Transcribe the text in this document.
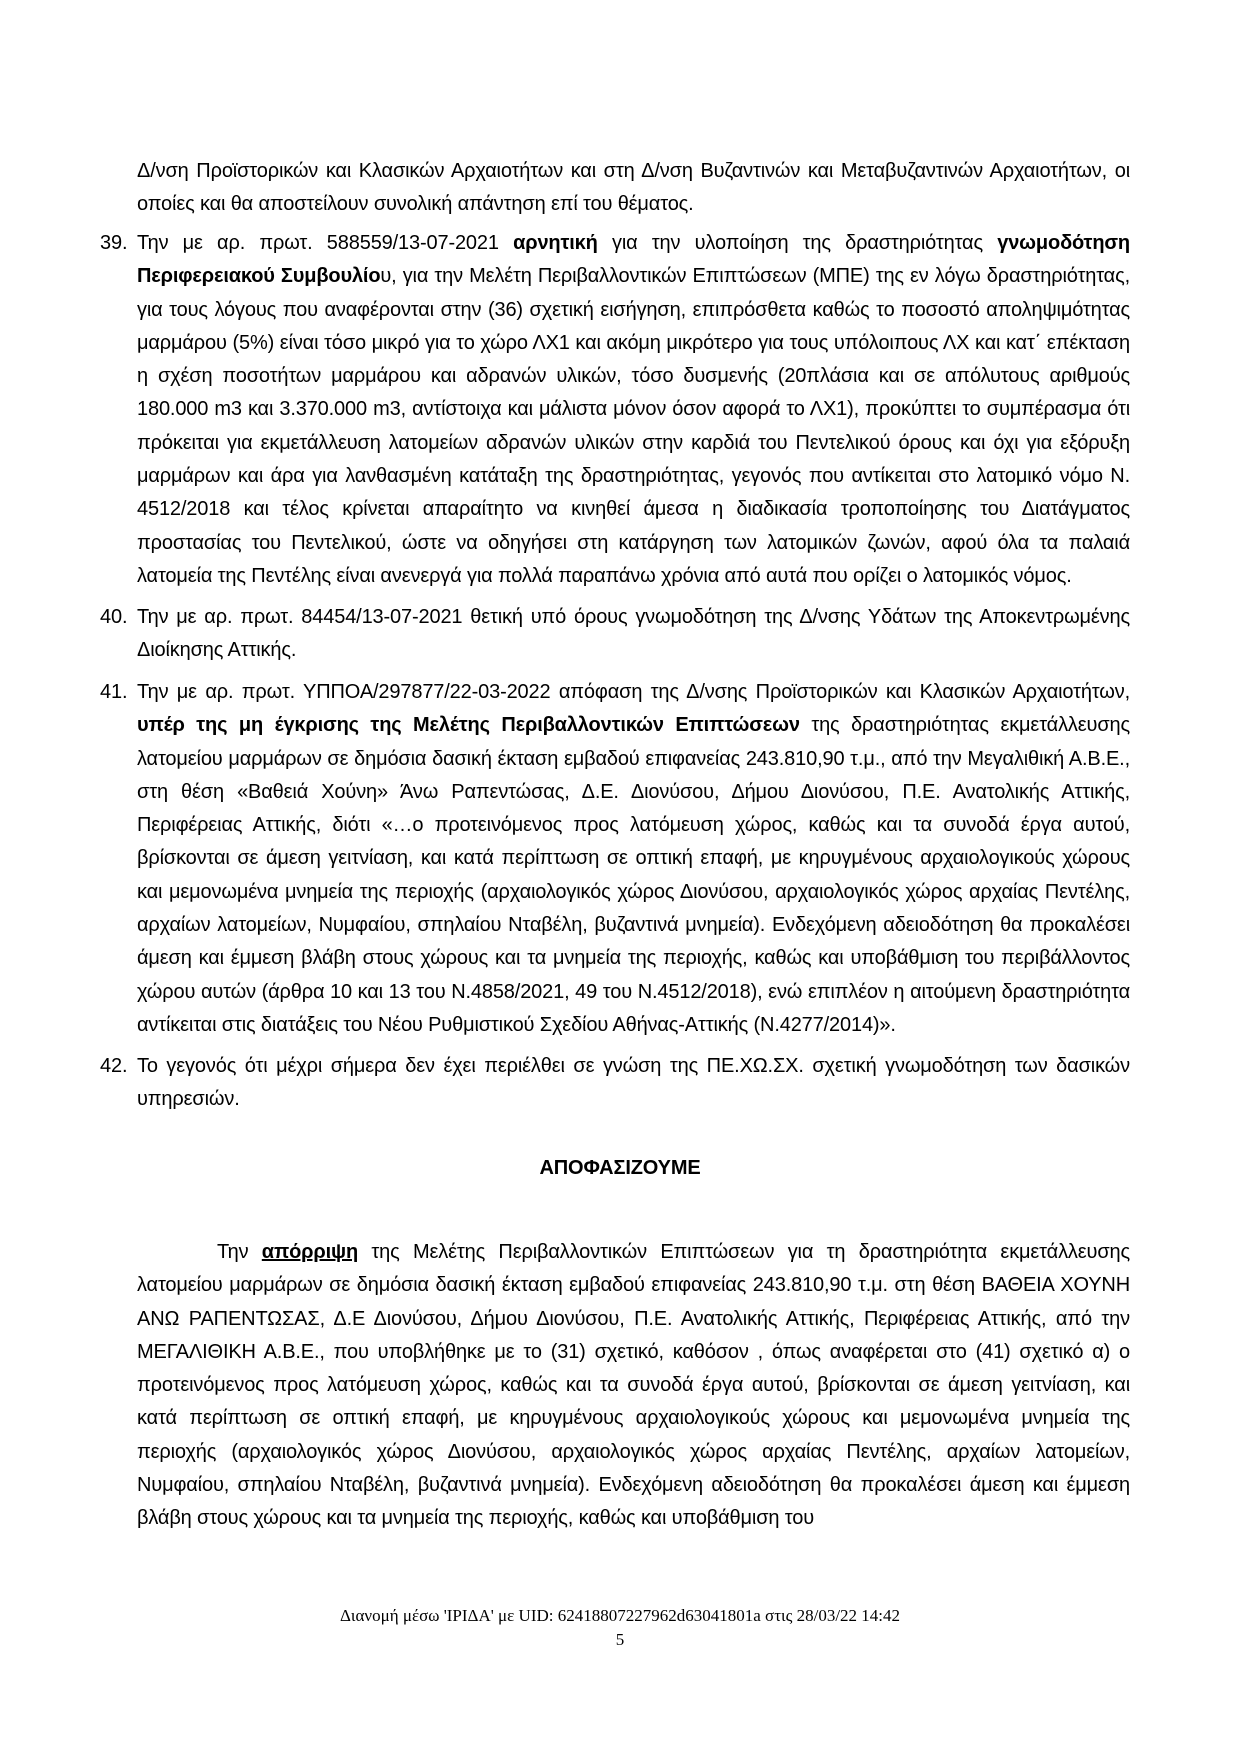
Δ/νση Προϊστορικών και Κλασικών Αρχαιοτήτων και στη Δ/νση Βυζαντινών και Μεταβυζαντινών Αρχαιοτήτων, οι οποίες και θα αποστείλουν συνολική απάντηση επί του θέματος.
39. Την με αρ. πρωτ. 588559/13-07-2021 αρνητική για την υλοποίηση της δραστηριότητας γνωμοδότηση Περιφερειακού Συμβουλίου, για την Μελέτη Περιβαλλοντικών Επιπτώσεων (ΜΠΕ) της εν λόγω δραστηριότητας, για τους λόγους που αναφέρονται στην (36) σχετική εισήγηση, επιπρόσθετα καθώς το ποσοστό αποληψιμότητας μαρμάρου (5%) είναι τόσο μικρό για το χώρο ΛΧ1 και ακόμη μικρότερο για τους υπόλοιπους ΛΧ και κατ΄ επέκταση η σχέση ποσοτήτων μαρμάρου και αδρανών υλικών, τόσο δυσμενής (20πλάσια και σε απόλυτους αριθμούς 180.000 m3 και 3.370.000 m3, αντίστοιχα και μάλιστα μόνον όσον αφορά το ΛΧ1), προκύπτει το συμπέρασμα ότι πρόκειται για εκμετάλλευση λατομείων αδρανών υλικών στην καρδιά του Πεντελικού όρους και όχι για εξόρυξη μαρμάρων και άρα για λανθασμένη κατάταξη της δραστηριότητας, γεγονός που αντίκειται στο λατομικό νόμο Ν. 4512/2018 και τέλος κρίνεται απαραίτητο να κινηθεί άμεσα η διαδικασία τροποποίησης του Διατάγματος προστασίας του Πεντελικού, ώστε να οδηγήσει στη κατάργηση των λατομικών ζωνών, αφού όλα τα παλαιά λατομεία της Πεντέλης είναι ανενεργά για πολλά παραπάνω χρόνια από αυτά που ορίζει ο λατομικός νόμος.
40. Την με αρ. πρωτ. 84454/13-07-2021 θετική υπό όρους γνωμοδότηση της Δ/νσης Υδάτων της Αποκεντρωμένης Διοίκησης Αττικής.
41. Την με αρ. πρωτ. ΥΠΠΟΑ/297877/22-03-2022 απόφαση της Δ/νσης Προϊστορικών και Κλασικών Αρχαιοτήτων, υπέρ της μη έγκρισης της Μελέτης Περιβαλλοντικών Επιπτώσεων της δραστηριότητας εκμετάλλευσης λατομείου μαρμάρων σε δημόσια δασική έκταση εμβαδού επιφανείας 243.810,90 τ.μ., από την Μεγαλιθική Α.Β.Ε., στη θέση «Βαθειά Χούνη» Άνω Ραπεντώσας, Δ.Ε. Διονύσου, Δήμου Διονύσου, Π.Ε. Ανατολικής Αττικής, Περιφέρειας Αττικής, διότι «…ο προτεινόμενος προς λατόμευση χώρος, καθώς και τα συνοδά έργα αυτού, βρίσκονται σε άμεση γειτνίαση, και κατά περίπτωση σε οπτική επαφή, με κηρυγμένους αρχαιολογικούς χώρους και μεμονωμένα μνημεία της περιοχής (αρχαιολογικός χώρος Διονύσου, αρχαιολογικός χώρος αρχαίας Πεντέλης, αρχαίων λατομείων, Νυμφαίου, σπηλαίου Νταβέλη, βυζαντινά μνημεία). Ενδεχόμενη αδειοδότηση θα προκαλέσει άμεση και έμμεση βλάβη στους χώρους και τα μνημεία της περιοχής, καθώς και υποβάθμιση του περιβάλλοντος χώρου αυτών (άρθρα 10 και 13 του Ν.4858/2021, 49 του Ν.4512/2018), ενώ επιπλέον η αιτούμενη δραστηριότητα αντίκειται στις διατάξεις του Νέου Ρυθμιστικού Σχεδίου Αθήνας-Αττικής (Ν.4277/2014)».
42. Το γεγονός ότι μέχρι σήμερα δεν έχει περιέλθει σε γνώση της ΠΕ.ΧΩ.ΣΧ. σχετική γνωμοδότηση των δασικών υπηρεσιών.
ΑΠΟΦΑΣΙΖΟΥΜΕ
Την απόρριψη της Μελέτης Περιβαλλοντικών Επιπτώσεων για τη δραστηριότητα εκμετάλλευσης λατομείου μαρμάρων σε δημόσια δασική έκταση εμβαδού επιφανείας 243.810,90 τ.μ. στη θέση ΒΑΘΕΙΑ ΧΟΥΝΗ ΑΝΩ ΡΑΠΕΝΤΩΣΑΣ, Δ.Ε Διονύσου, Δήμου Διονύσου, Π.Ε. Ανατολικής Αττικής, Περιφέρειας Αττικής, από την ΜΕΓΑΛΙΘΙΚΗ Α.Β.Ε., που υποβλήθηκε με το (31) σχετικό, καθόσον , όπως αναφέρεται στο (41) σχετικό α) ο προτεινόμενος προς λατόμευση χώρος, καθώς και τα συνοδά έργα αυτού, βρίσκονται σε άμεση γειτνίαση, και κατά περίπτωση σε οπτική επαφή, με κηρυγμένους αρχαιολογικούς χώρους και μεμονωμένα μνημεία της περιοχής (αρχαιολογικός χώρος Διονύσου, αρχαιολογικός χώρος αρχαίας Πεντέλης, αρχαίων λατομείων, Νυμφαίου, σπηλαίου Νταβέλη, βυζαντινά μνημεία). Ενδεχόμενη αδειοδότηση θα προκαλέσει άμεση και έμμεση βλάβη στους χώρους και τα μνημεία της περιοχής, καθώς και υποβάθμιση του
Διανομή μέσω 'ΙΡΙΔΑ' με UID: 62418807227962d63041801a στις 28/03/22 14:42
5
